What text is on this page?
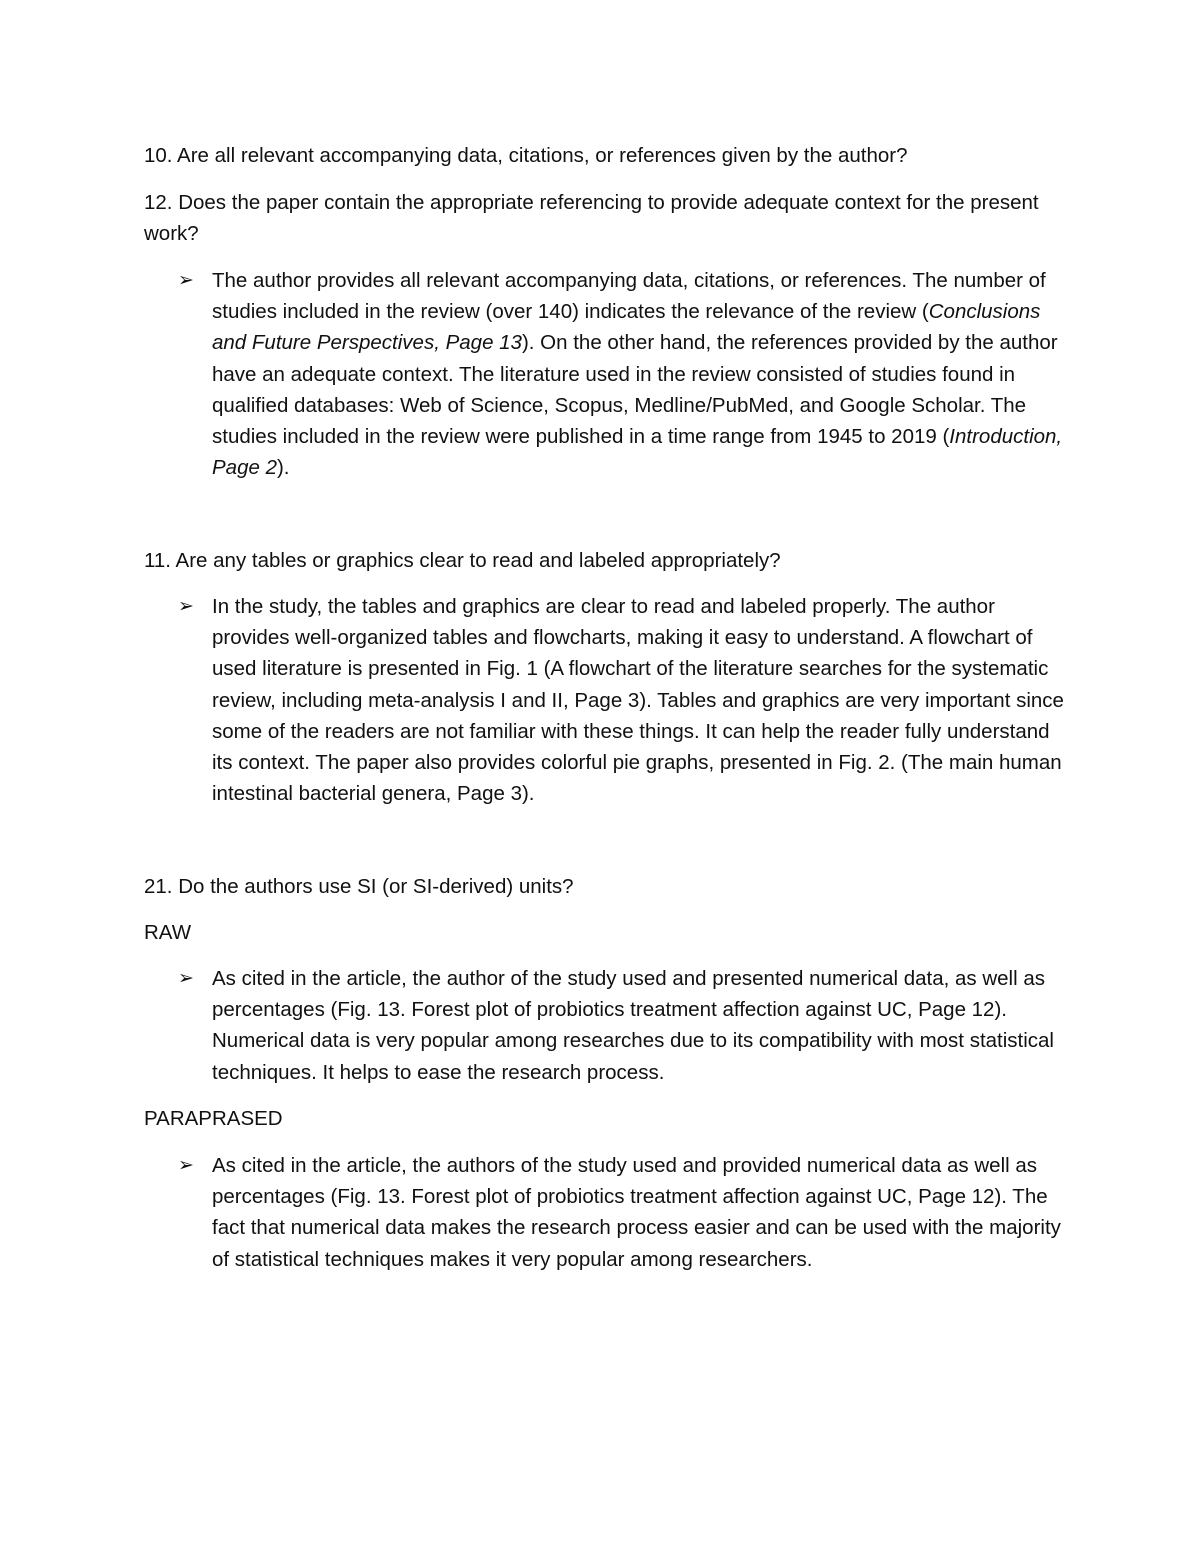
10. Are all relevant accompanying data, citations, or references given by the author?
12. Does the paper contain the appropriate referencing to provide adequate context for the present work?
➢ The author provides all relevant accompanying data, citations, or references. The number of studies included in the review (over 140) indicates the relevance of the review (Conclusions and Future Perspectives, Page 13). On the other hand, the references provided by the author have an adequate context. The literature used in the review consisted of studies found in qualified databases: Web of Science, Scopus, Medline/PubMed, and Google Scholar. The studies included in the review were published in a time range from 1945 to 2019 (Introduction, Page 2).
11. Are any tables or graphics clear to read and labeled appropriately?
➢ In the study, the tables and graphics are clear to read and labeled properly. The author provides well-organized tables and flowcharts, making it easy to understand. A flowchart of used literature is presented in Fig. 1 (A flowchart of the literature searches for the systematic review, including meta-analysis I and II, Page 3). Tables and graphics are very important since some of the readers are not familiar with these things. It can help the reader fully understand its context. The paper also provides colorful pie graphs, presented in Fig. 2. (The main human intestinal bacterial genera, Page 3).
21. Do the authors use SI (or SI-derived) units?
RAW
➢ As cited in the article, the author of the study used and presented numerical data, as well as percentages (Fig. 13. Forest plot of probiotics treatment affection against UC, Page 12). Numerical data is very popular among researches due to its compatibility with most statistical techniques. It helps to ease the research process.
PARAPRASED
➢ As cited in the article, the authors of the study used and provided numerical data as well as percentages (Fig. 13. Forest plot of probiotics treatment affection against UC, Page 12). The fact that numerical data makes the research process easier and can be used with the majority of statistical techniques makes it very popular among researchers.
